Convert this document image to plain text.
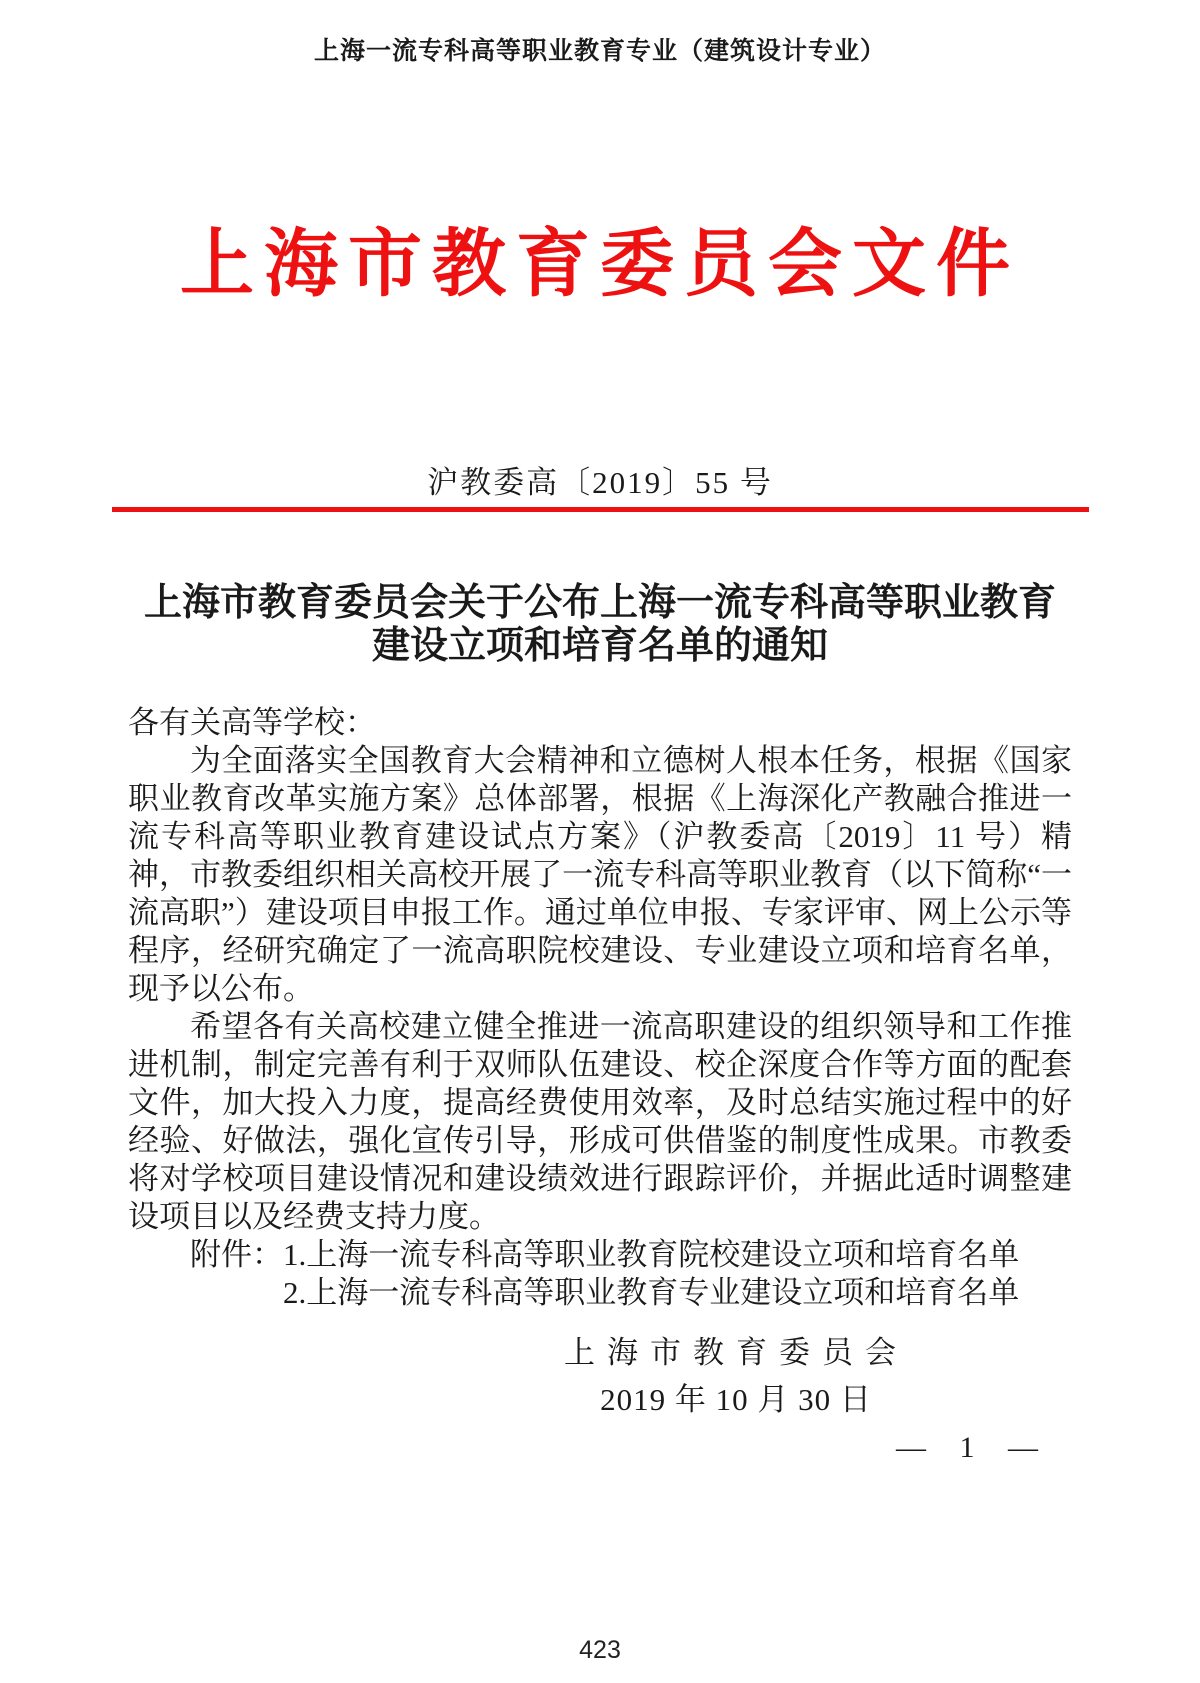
上海一流专科高等职业教育专业（建筑设计专业）
上海市教育委员会文件
沪教委高〔2019〕55 号
上海市教育委员会关于公布上海一流专科高等职业教育
建设立项和培育名单的通知
各有关高等学校：

为全面落实全国教育大会精神和立德树人根本任务，根据《国家职业教育改革实施方案》总体部署，根据《上海深化产教融合推进一流专科高等职业教育建设试点方案》（沪教委高〔2019〕11 号）精神，市教委组织相关高校开展了一流专科高等职业教育（以下简称“一流高职”）建设项目申报工作。通过单位申报、专家评审、网上公示等程序，经研究确定了一流高职院校建设、专业建设立项和培育名单，现予以公布。

希望各有关高校建立健全推进一流高职建设的组织领导和工作推进机制，制定完善有利于双师队伍建设、校企深度合作等方面的配套文件，加大投入力度，提高经费使用效率，及时总结实施过程中的好经验、好做法，强化宣传引导，形成可供借鉴的制度性成果。市教委将对学校项目建设情况和建设绩效进行跟踪评价，并据此适时调整建设项目以及经费支持力度。

附件： 1.上海一流专科高等职业教育院校建设立项和培育名单
2.上海一流专科高等职业教育专业建设立项和培育名单
上海市教育委员会
2019 年 10 月 30 日
— 1 —
423
